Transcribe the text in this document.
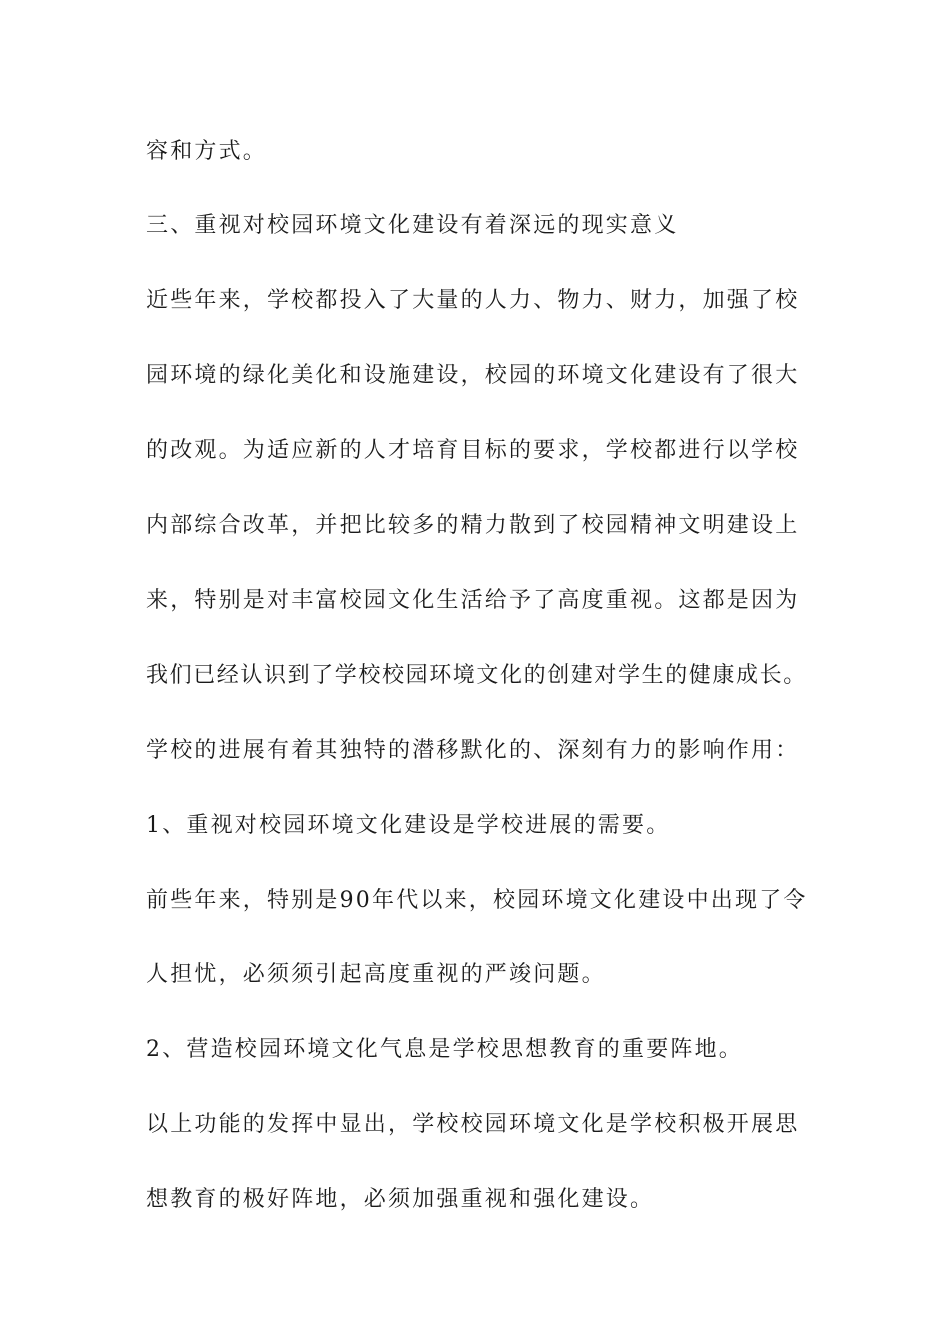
容和方式。
三、重视对校园环境文化建设有着深远的现实意义
近些年来，学校都投入了大量的人力、物力、财力，加强了校
园环境的绿化美化和设施建设，校园的环境文化建设有了很大
的改观。为适应新的人才培育目标的要求，学校都进行以学校
内部综合改革，并把比较多的精力散到了校园精神文明建设上
来，特别是对丰富校园文化生活给予了高度重视。这都是因为
我们已经认识到了学校校园环境文化的创建对学生的健康成长。
学校的进展有着其独特的潜移默化的、深刻有力的影响作用：
1、重视对校园环境文化建设是学校进展的需要。
前些年来，特别是90年代以来，校园环境文化建设中出现了令
人担忧，必须须引起高度重视的严竣问题。
2、营造校园环境文化气息是学校思想教育的重要阵地。
以上功能的发挥中显出，学校校园环境文化是学校积极开展思
想教育的极好阵地，必须加强重视和强化建设。
